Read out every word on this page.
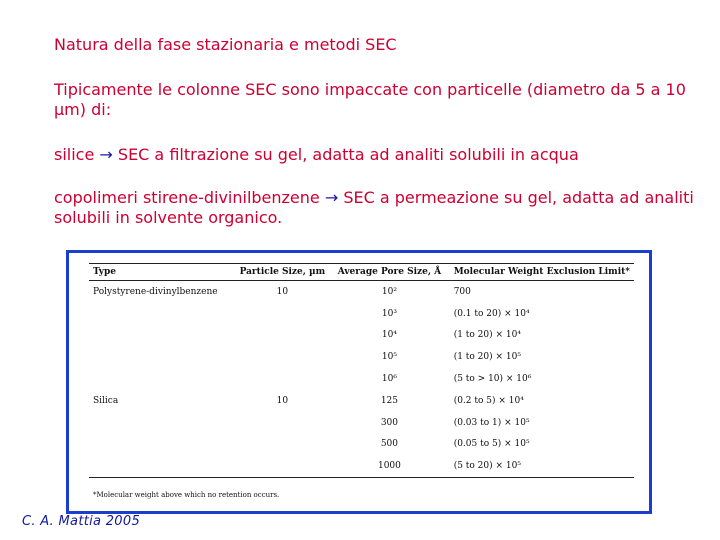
Natura della fase stazionaria e metodi SEC
Tipicamente le colonne SEC sono impaccate con particelle (diametro da 5 a 10 µm) di:
silice → SEC a filtrazione su gel, adatta ad analiti solubili in acqua
copolimeri stirene-divinilbenzene → SEC a permeazione su gel, adatta ad analiti solubili in solvente organico.
Type	Particle Size, µm	Average Pore Size, Å	Molecular Weight Exclusion Limit*
Polystyrene-divinylbenzene	10	10²	700
		10³	(0.1 to 20) × 10⁴
		10⁴	(1 to 20) × 10⁴
		10⁵	(1 to 20) × 10⁵
		10⁶	(5 to > 10) × 10⁶
Silica	10	125	(0.2 to 5) × 10⁴
		300	(0.03 to 1) × 10⁵
		500	(0.05 to 5) × 10⁵
		1000	(5 to 20) × 10⁵
*Molecular weight above which no retention occurs.
C. A. Mattia 2005
